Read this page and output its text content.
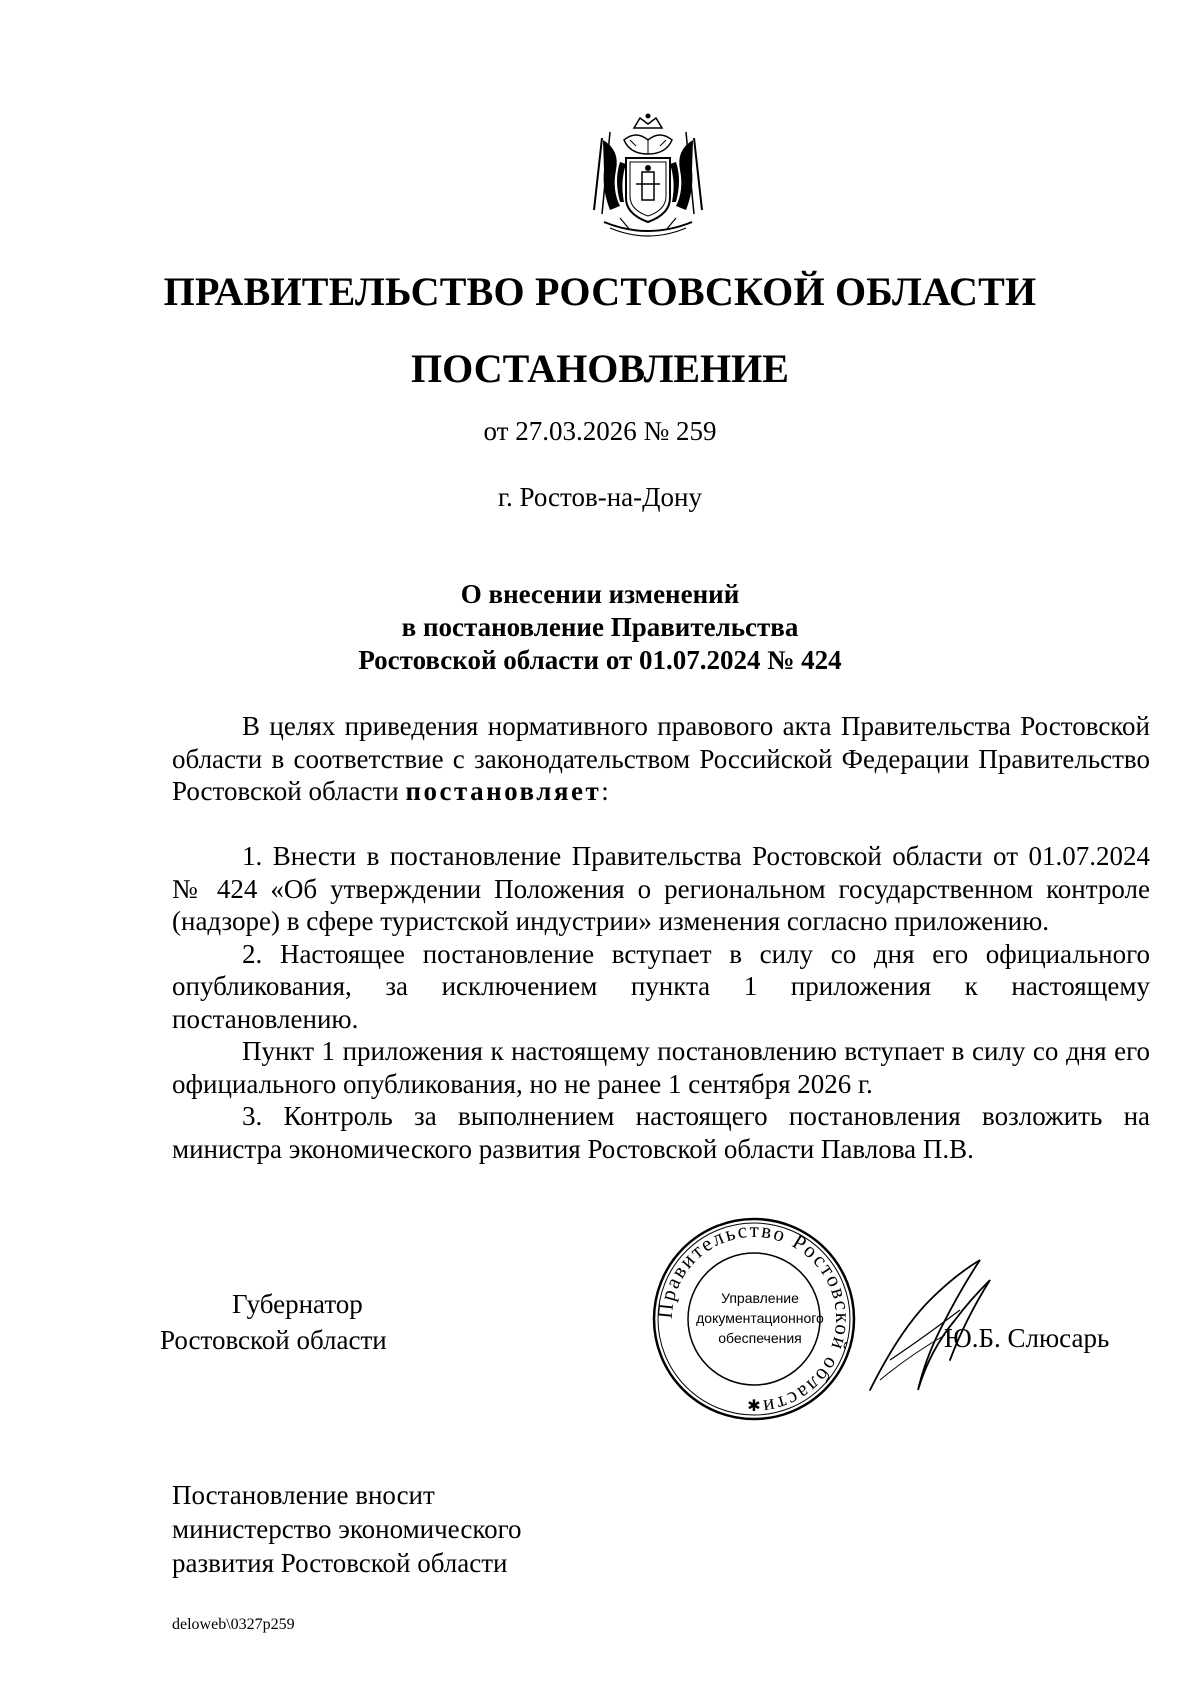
ПРАВИТЕЛЬСТВО РОСТОВСКОЙ ОБЛАСТИ
ПОСТАНОВЛЕНИЕ
от 27.03.2026 № 259
г. Ростов-на-Дону
О внесении изменений
в постановление Правительства
Ростовской области от 01.07.2024 № 424

В целях приведения нормативного правового акта Правительства Ростовской области в соответствие с законодательством Российской Федерации Правительство Ростовской области постановляет:

1. Внести в постановление Правительства Ростовской области от 01.07.2024 № 424 «Об утверждении Положения о региональном государственном контроле (надзоре) в сфере туристской индустрии» изменения согласно приложению.

2. Настоящее постановление вступает в силу со дня его официального опубликования, за исключением пункта 1 приложения к настоящему постановлению.

Пункт 1 приложения к настоящему постановлению вступает в силу со дня его официального опубликования, но не ранее 1 сентября 2026 г.

3. Контроль за выполнением настоящего постановления возложить на министра экономического развития Ростовской области Павлова П.В.

Губернатор
Ростовской области
Правительство Ростовской области
✱
Управление
документационного
обеспечения	Ю.Б. Слюсарь
Постановление вносит
министерство экономического
развития Ростовской области
deloweb\0327p259
